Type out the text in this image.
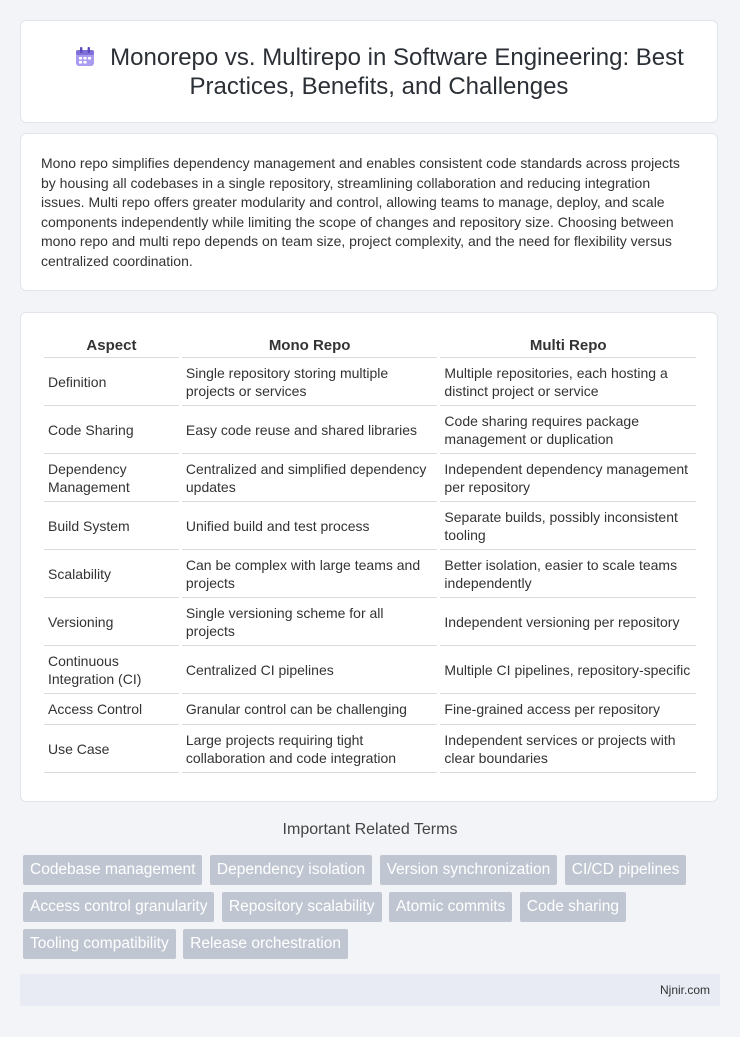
Monorepo vs. Multirepo in Software Engineering: Best Practices, Benefits, and Challenges
Mono repo simplifies dependency management and enables consistent code standards across projects by housing all codebases in a single repository, streamlining collaboration and reducing integration issues. Multi repo offers greater modularity and control, allowing teams to manage, deploy, and scale components independently while limiting the scope of changes and repository size. Choosing between mono repo and multi repo depends on team size, project complexity, and the need for flexibility versus centralized coordination.
Aspect	Mono Repo	Multi Repo
Definition	Single repository storing multiple projects or services	Multiple repositories, each hosting a distinct project or service
Code Sharing	Easy code reuse and shared libraries	Code sharing requires package management or duplication
Dependency Management	Centralized and simplified dependency updates	Independent dependency management per repository
Build System	Unified build and test process	Separate builds, possibly inconsistent tooling
Scalability	Can be complex with large teams and projects	Better isolation, easier to scale teams independently
Versioning	Single versioning scheme for all projects	Independent versioning per repository
Continuous Integration (CI)	Centralized CI pipelines	Multiple CI pipelines, repository-specific
Access Control	Granular control can be challenging	Fine-grained access per repository
Use Case	Large projects requiring tight collaboration and code integration	Independent services or projects with clear boundaries
Important Related Terms
Codebase management Dependency isolation Version synchronization CI/CD pipelines Access control granularity Repository scalability Atomic commits Code sharing Tooling compatibility Release orchestration
Njnir.com
